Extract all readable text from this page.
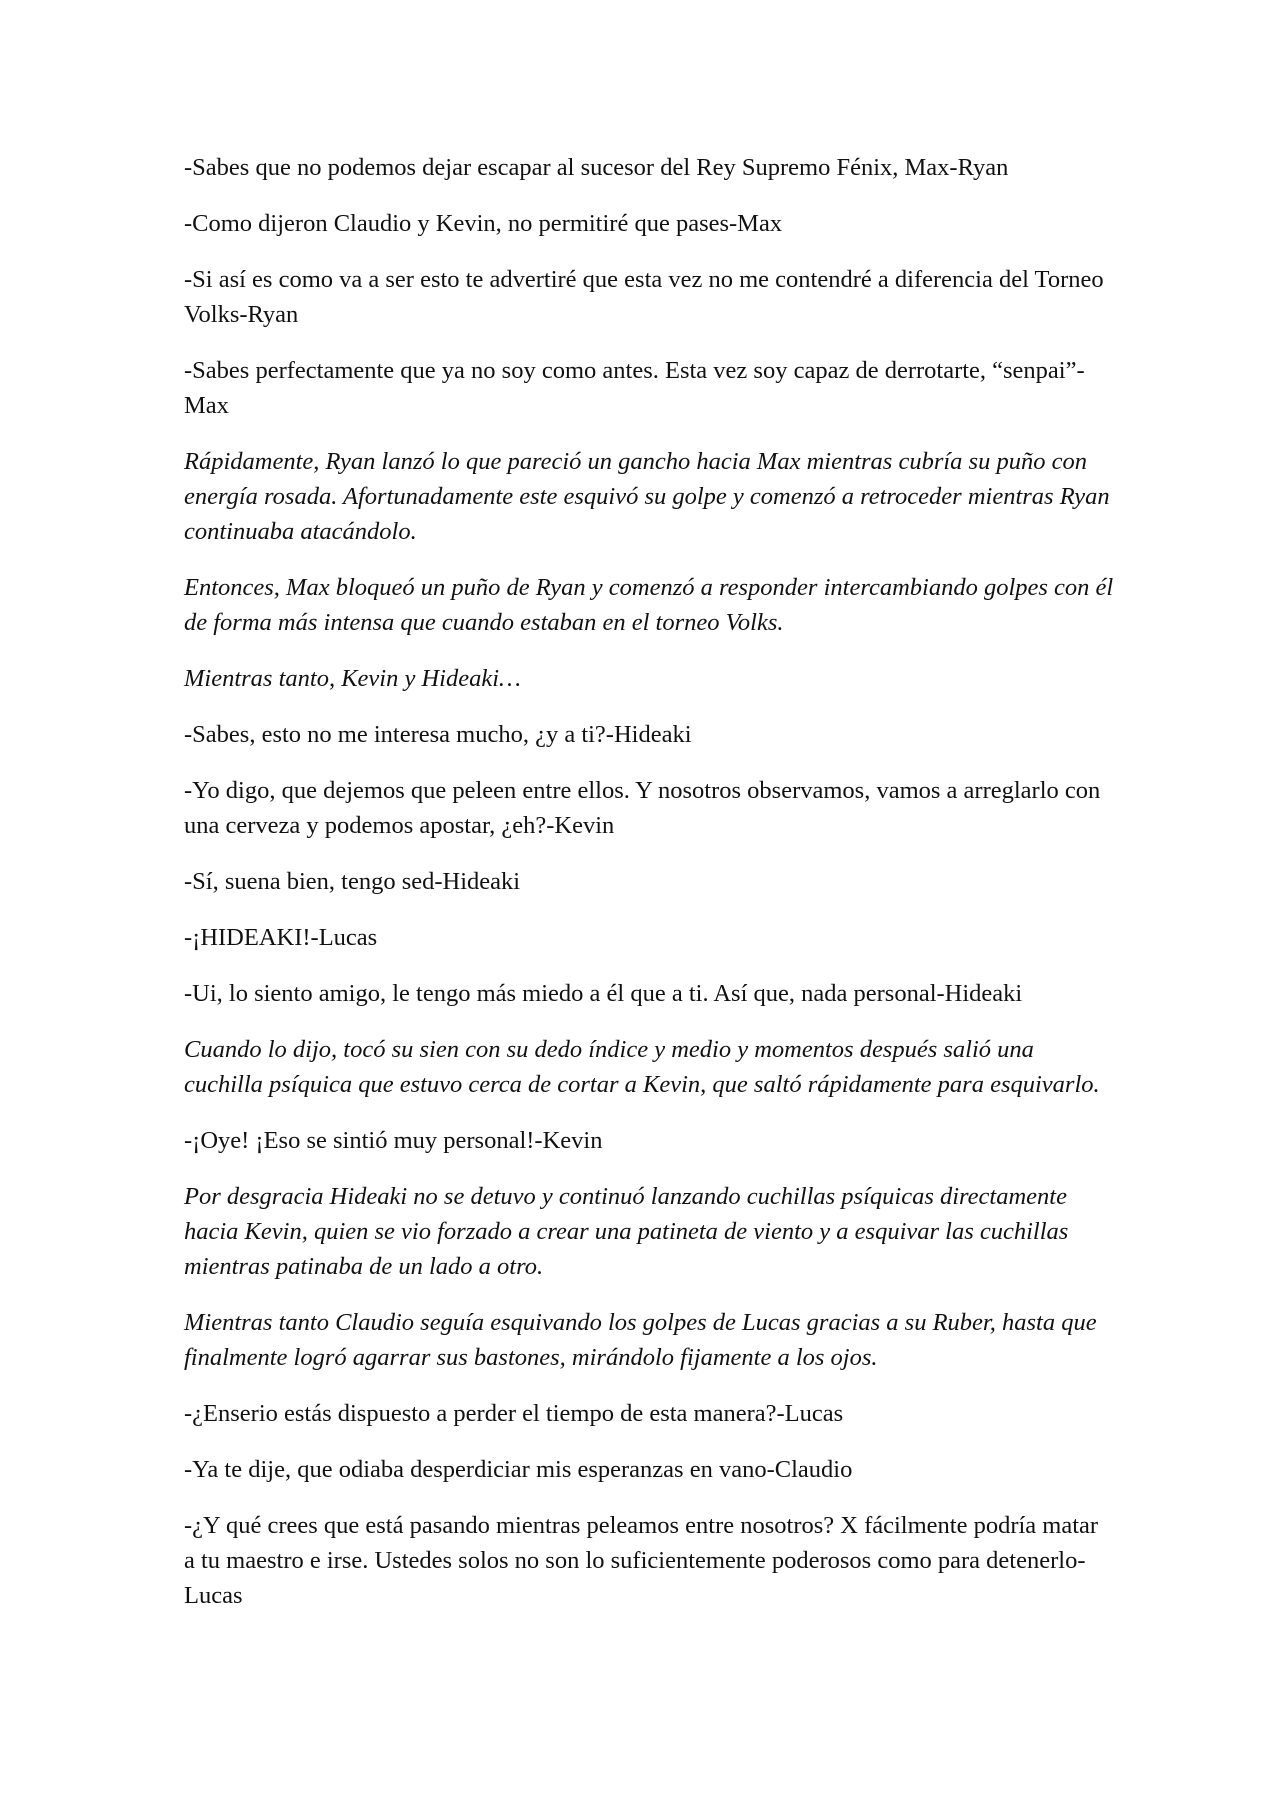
-Sabes que no podemos dejar escapar al sucesor del Rey Supremo Fénix, Max-Ryan

-Como dijeron Claudio y Kevin, no permitiré que pases-Max

-Si así es como va a ser esto te advertiré que esta vez no me contendré a diferencia del Torneo Volks-Ryan

-Sabes perfectamente que ya no soy como antes. Esta vez soy capaz de derrotarte, “senpai”-Max

Rápidamente, Ryan lanzó lo que pareció un gancho hacia Max mientras cubría su puño con energía rosada. Afortunadamente este esquivó su golpe y comenzó a retroceder mientras Ryan continuaba atacándolo.

Entonces, Max bloqueó un puño de Ryan y comenzó a responder intercambiando golpes con él de forma más intensa que cuando estaban en el torneo Volks.

Mientras tanto, Kevin y Hideaki…

-Sabes, esto no me interesa mucho, ¿y a ti?-Hideaki

-Yo digo, que dejemos que peleen entre ellos. Y nosotros observamos, vamos a arreglarlo con una cerveza y podemos apostar, ¿eh?-Kevin

-Sí, suena bien, tengo sed-Hideaki

-¡HIDEAKI!-Lucas

-Ui, lo siento amigo, le tengo más miedo a él que a ti. Así que, nada personal-Hideaki

Cuando lo dijo, tocó su sien con su dedo índice y medio y momentos después salió una cuchilla psíquica que estuvo cerca de cortar a Kevin, que saltó rápidamente para esquivarlo.

-¡Oye! ¡Eso se sintió muy personal!-Kevin

Por desgracia Hideaki no se detuvo y continuó lanzando cuchillas psíquicas directamente hacia Kevin, quien se vio forzado a crear una patineta de viento y a esquivar las cuchillas mientras patinaba de un lado a otro.

Mientras tanto Claudio seguía esquivando los golpes de Lucas gracias a su Ruber, hasta que finalmente logró agarrar sus bastones, mirándolo fijamente a los ojos.

-¿Enserio estás dispuesto a perder el tiempo de esta manera?-Lucas

-Ya te dije, que odiaba desperdiciar mis esperanzas en vano-Claudio

-¿Y qué crees que está pasando mientras peleamos entre nosotros? X fácilmente podría matar a tu maestro e irse. Ustedes solos no son lo suficientemente poderosos como para detenerlo-Lucas
